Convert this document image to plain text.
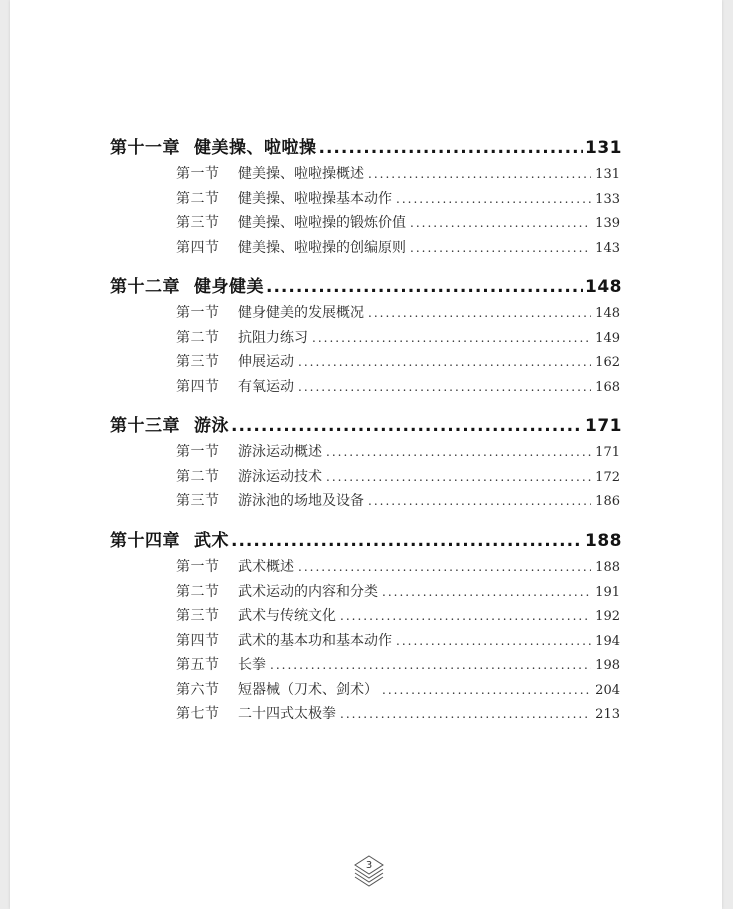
第十一章 健美操、啦啦操 .....	131
第一节	健美操、啦啦操概述 .....	131
第二节	健美操、啦啦操基本动作 .....	133
第三节	健美操、啦啦操的锻炼价值 .....	139
第四节	健美操、啦啦操的创编原则 .....	143
第十二章 健身健美 .....	148
第一节	健身健美的发展概况 .....	148
第二节	抗阻力练习 .....	149
第三节	伸展运动 .....	162
第四节	有氧运动 .....	168
第十三章 游泳 .....	171
第一节	游泳运动概述 .....	171
第二节	游泳运动技术 .....	172
第三节	游泳池的场地及设备 .....	186
第十四章 武术 .....	188
第一节	武术概述 .....	188
第二节	武术运动的内容和分类 .....	191
第三节	武术与传统文化 .....	192
第四节	武术的基本功和基本动作 .....	194
第五节	长拳 .....	198
第六节	短器械（刀术、剑术） .....	204
第七节	二十四式太极拳 .....	213
3
